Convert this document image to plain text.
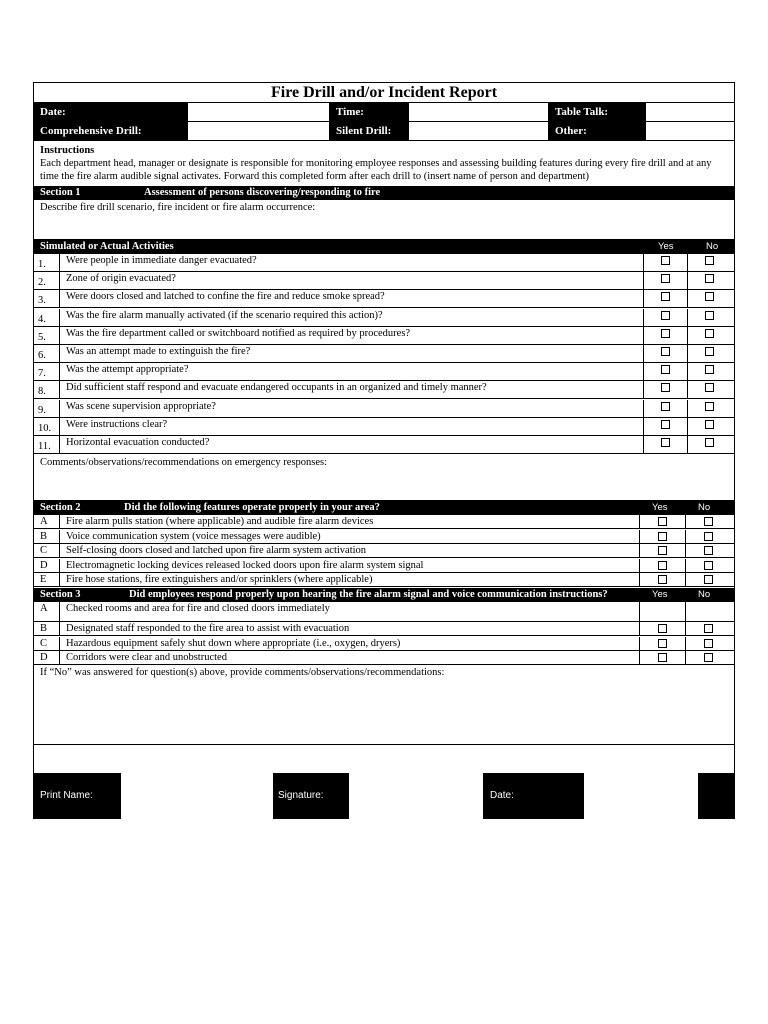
Fire Drill and/or Incident Report
Date:	Time:	Table Talk:
Comprehensive Drill:	Silent Drill:	Other:
Instructions
Each department head, manager or designate is responsible for monitoring employee responses and assessing building features during every fire drill and at any time the fire alarm audible signal activates. Forward this completed form after each drill to (insert name of person and department)
Section 1	Assessment of persons discovering/responding to fire
Describe fire drill scenario, fire incident or fire alarm occurrence:
Simulated or Actual Activities	Yes	No
1.	Were people in immediate danger evacuated?
2.	Zone of origin evacuated?
3.	Were doors closed and latched to confine the fire and reduce smoke spread?
4.	Was the fire alarm manually activated (if the scenario required this action)?
5.	Was the fire department called or switchboard notified as required by procedures?
6.	Was an attempt made to extinguish the fire?
7.	Was the attempt appropriate?
8.	Did sufficient staff respond and evacuate endangered occupants in an organized and timely manner?
9.	Was scene supervision appropriate?
10.	Were instructions clear?
11.	Horizontal evacuation conducted?
Comments/observations/recommendations on emergency responses:
Section 2	Did the following features operate properly in your area?	Yes	No
A	Fire alarm pulls station (where applicable) and audible fire alarm devices
B	Voice communication system (voice messages were audible)
C	Self-closing doors closed and latched upon fire alarm system activation
D	Electromagnetic locking devices released locked doors upon fire alarm system signal
E	Fire hose stations, fire extinguishers and/or sprinklers (where applicable)
Section 3	Did employees respond properly upon hearing the fire alarm signal and voice communication instructions?	Yes	No
A	Checked rooms and area for fire and closed doors immediately
B	Designated staff responded to the fire area to assist with evacuation
C	Hazardous equipment safely shut down where appropriate (i.e., oxygen, dryers)
D	Corridors were clear and unobstructed
If “No” was answered for question(s) above, provide comments/observations/recommendations:
Print Name:	Signature:	Date:
